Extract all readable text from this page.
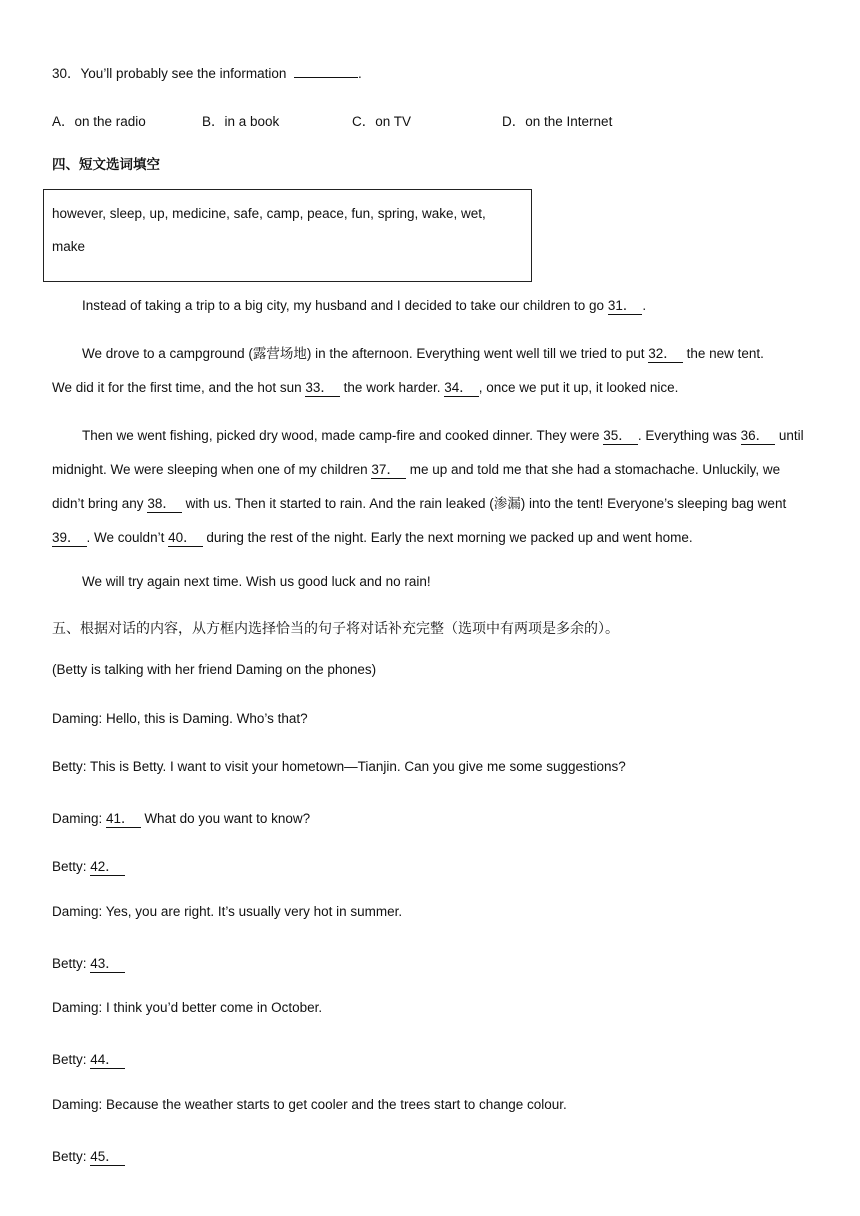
30．You’ll probably see the information	.
A．on the radio	B．in a book	C．on TV	D．on the Internet
四、短文选词填空
however, sleep, up, medicine, safe, camp, peace, fun, spring, wake, wet,
make
Instead of taking a trip to a big city, my husband and I decided to take our children to go 31． .
We drove to a campground (露营场地) in the afternoon. Everything went well till we tried to put 32． the new tent.
We did it for the first time, and the hot sun 33． the work harder. 34． , once we put it up, it looked nice.
Then we went fishing, picked dry wood, made camp-fire and cooked dinner. They were 35． . Everything was 36． until
midnight. We were sleeping when one of my children 37． me up and told me that she had a stomachache. Unluckily, we
didn’t bring any 38． with us. Then it started to rain. And the rain leaked (渗漏) into the tent! Everyone’s sleeping bag went
39． . We couldn’t 40． during the rest of the night. Early the next morning we packed up and went home.
We will try again next time. Wish us good luck and no rain!
五、根据对话的内容，从方框内选择恰当的句子将对话补充完整（选项中有两项是多余的）。
(Betty is talking with her friend Daming on the phones)
Daming: Hello, this is Daming. Who’s that?
Betty: This is Betty. I want to visit your hometown—Tianjin. Can you give me some suggestions?
Daming: 41． What do you want to know?
Betty: 42．
Daming: Yes, you are right. It’s usually very hot in summer.
Betty: 43．
Daming: I think you’d better come in October.
Betty: 44．
Daming: Because the weather starts to get cooler and the trees start to change colour.
Betty: 45．
